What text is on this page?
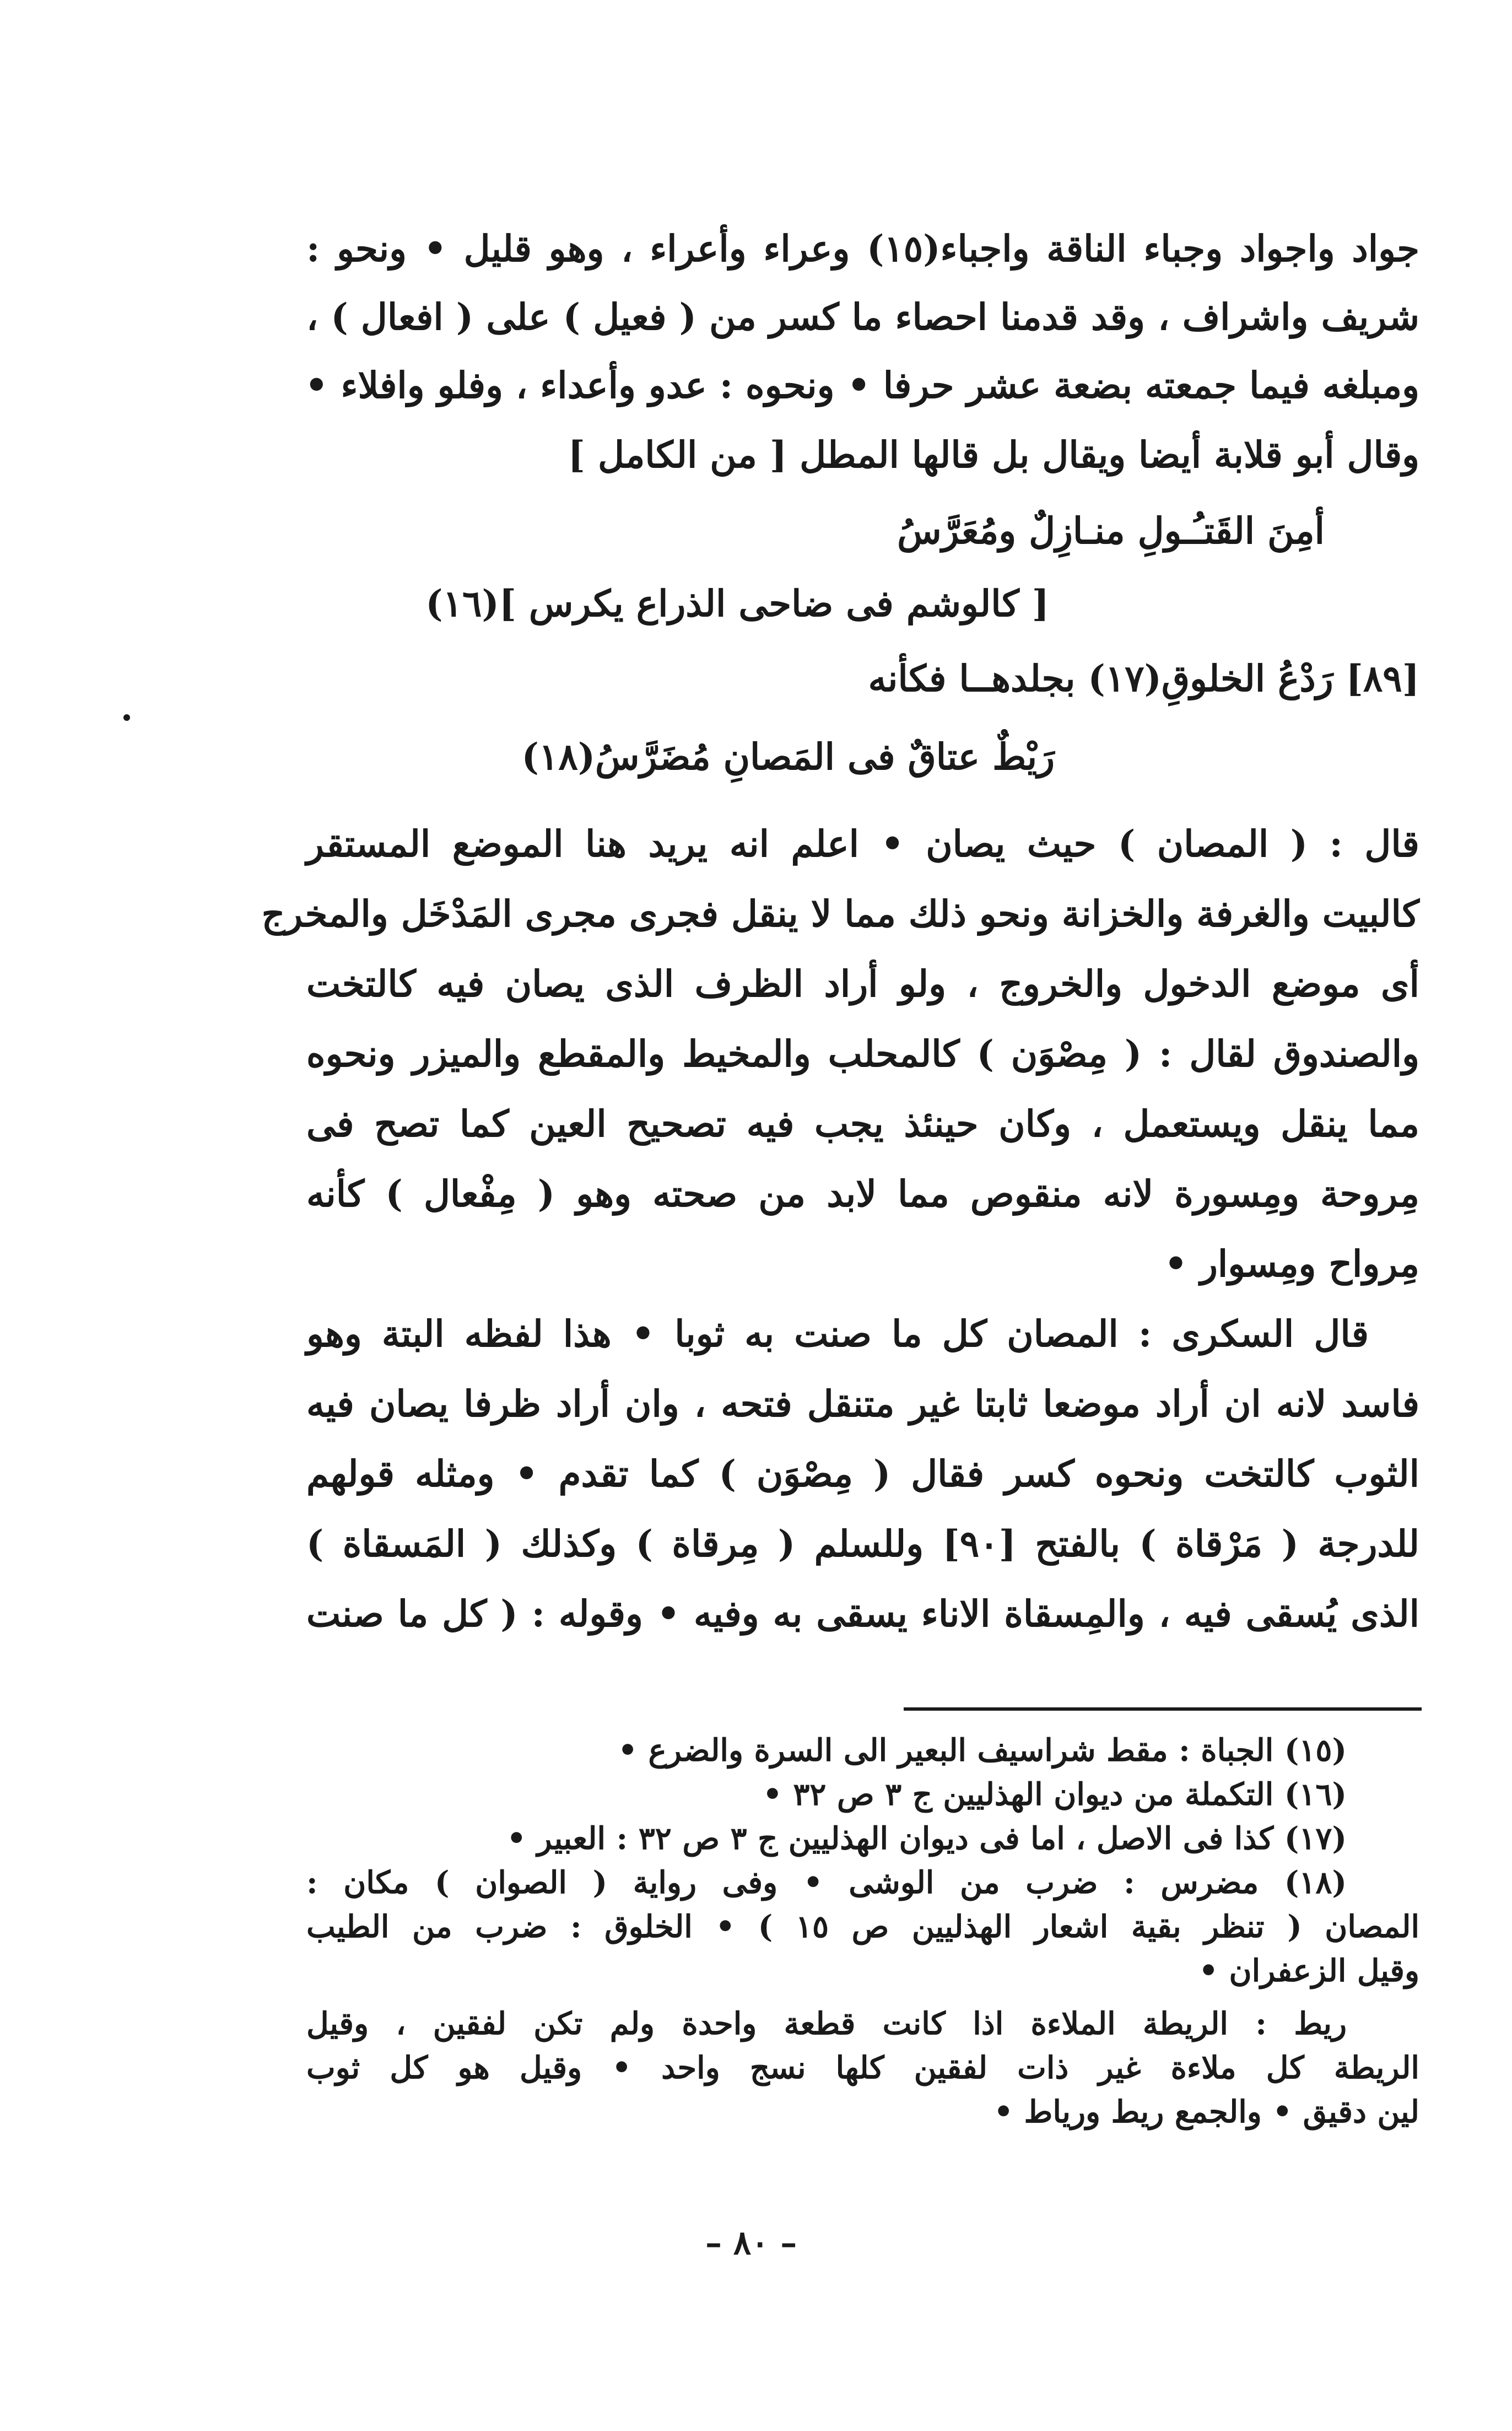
جواد واجواد وجباء الناقة واجباء(١٥) وعراء وأعراء ، وهو قليل • ونحو :
شريف واشراف ، وقد قدمنا احصاء ما كسر من ( فعيل ) على ( افعال ) ،
ومبلغه فيما جمعته بضعة عشر حرفا • ونحوه : عدو وأعداء ، وفلو وافلاء •
وقال أبو قلابة أيضا ويقال بل قالها المطل [ من الكامل ]
أمِنَ القَتـُـولِ منـازِلٌ ومُعَرَّسُ
[ كالوشم فى ضاحى الذراع يكرس ](١٦)
[٨٩] رَدْعُ الخلوقِ(١٧) بجلدهــا فكأنه
رَيْطٌ عتاقٌ فى المَصانِ مُضَرَّسُ(١٨)
قال : ( المصان ) حيث يصان • اعلم انه يريد هنا الموضع المستقر
كالبيت والغرفة والخزانة ونحو ذلك مما لا ينقل فجرى مجرى المَدْخَل والمخرج
أى موضع الدخول والخروج ، ولو أراد الظرف الذى يصان فيه كالتخت
والصندوق لقال : ( مِصْوَن ) كالمحلب والمخيط والمقطع والميزر ونحوه
مما ينقل ويستعمل ، وكان حينئذ يجب فيه تصحيح العين كما تصح فى
مِروحة ومِسورة لانه منقوص مما لابد من صحته وهو ( مِفْعال ) كأنه
مِرواح ومِسوار •
قال السكرى : المصان كل ما صنت به ثوبا • هذا لفظه البتة وهو
فاسد لانه ان أراد موضعا ثابتا غير متنقل فتحه ، وان أراد ظرفا يصان فيه
الثوب كالتخت ونحوه كسر فقال ( مِصْوَن ) كما تقدم • ومثله قولهم
للدرجة ( مَرْقاة ) بالفتح [٩٠] وللسلم ( مِرقاة ) وكذلك ( المَسقاة )
الذى يُسقى فيه ، والمِسقاة الاناء يسقى به وفيه • وقوله : ( كل ما صنت
(١٥) الجباة : مقط شراسيف البعير الى السرة والضرع •
(١٦) التكملة من ديوان الهذليين ج ٣ ص ٣٢ •
(١٧) كذا فى الاصل ، اما فى ديوان الهذليين ج ٣ ص ٣٢ : العبير •
(١٨) مضرس : ضرب من الوشى • وفى رواية ( الصوان ) مكان :
المصان ( تنظر بقية اشعار الهذليين ص ١٥ ) • الخلوق : ضرب من الطيب
وقيل الزعفران •
ريط : الريطة الملاءة اذا كانت قطعة واحدة ولم تكن لفقين ، وقيل
الريطة كل ملاءة غير ذات لفقين كلها نسج واحد • وقيل هو كل ثوب
لين دقيق • والجمع ريط ورياط •
– ٨٠ –
